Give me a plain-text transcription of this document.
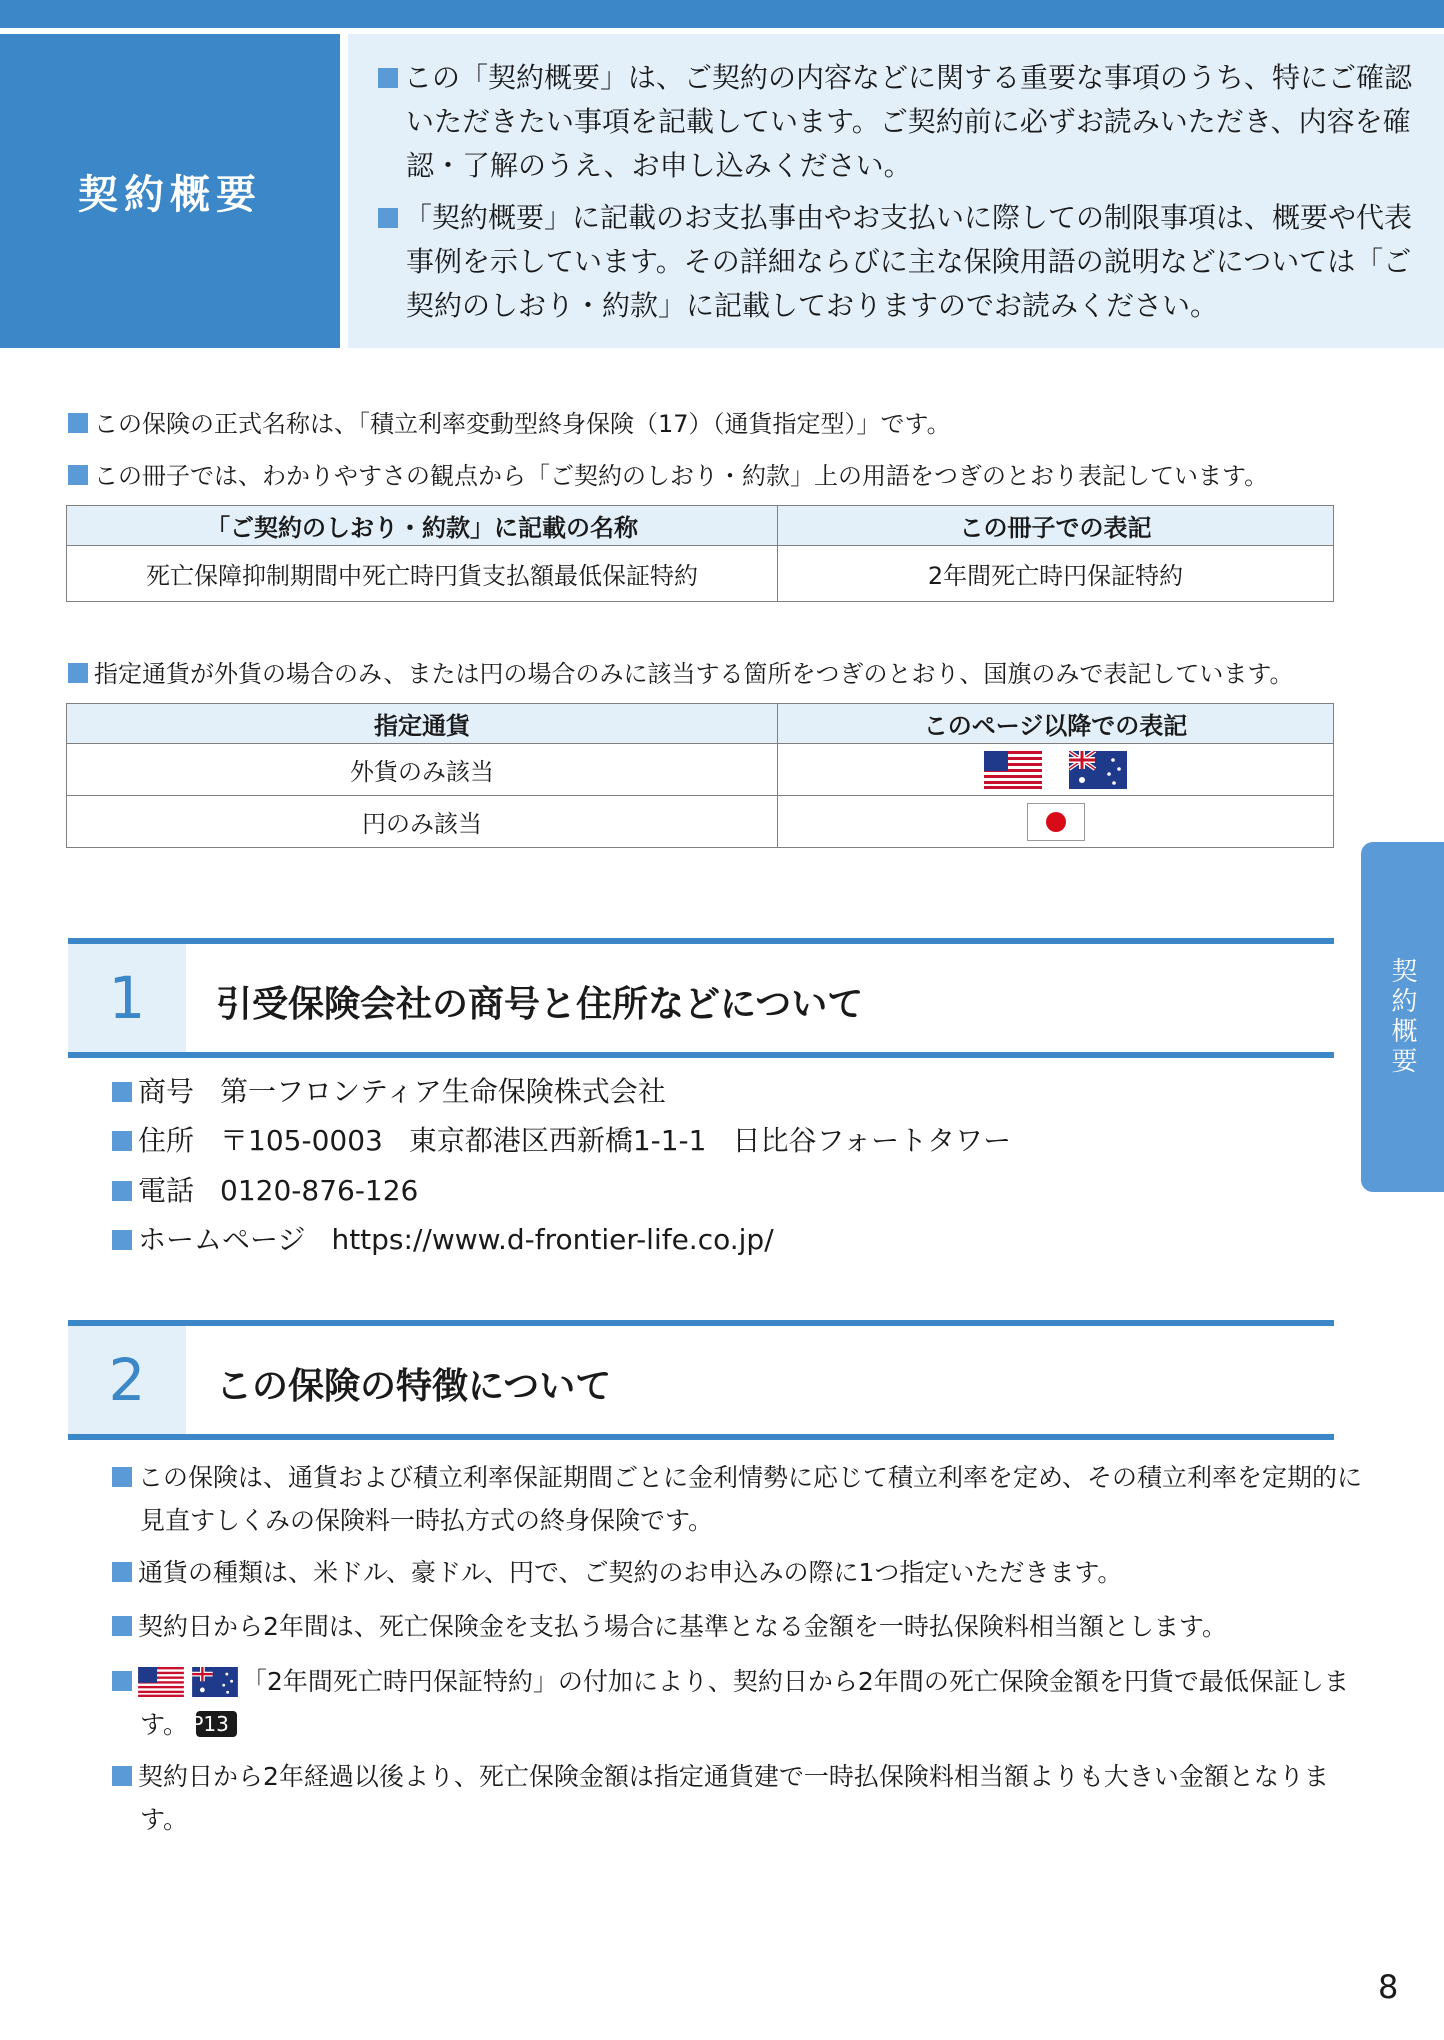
契約概要

この「契約概要」は、ご契約の内容などに関する重要な事項のうち、特にご確認いただきたい事項を記載しています。ご契約前に必ずお読みいただき、内容を確認・了解のうえ、お申し込みください。

「契約概要」に記載のお支払事由やお支払いに際しての制限事項は、概要や代表事例を示しています。その詳細ならびに主な保険用語の説明などについては「ご契約のしおり・約款」に記載しておりますのでお読みください。

この保険の正式名称は、「積立利率変動型終身保険（17）（通貨指定型）」です。

この冊子では、わかりやすさの観点から「ご契約のしおり・約款」上の用語をつぎのとおり表記しています。

「ご契約のしおり・約款」に記載の名称	この冊子での表記
死亡保障抑制期間中死亡時円貨支払額最低保証特約	2年間死亡時円保証特約

指定通貨が外貨の場合のみ、または円の場合のみに該当する箇所をつぎのとおり、国旗のみで表記しています。

指定通貨	このページ以降での表記
外貨のみ該当	
円のみ該当	
1	引受保険会社の商号と住所などについて

商号 第一フロンティア生命保険株式会社

住所 〒105-0003 東京都港区西新橋1-1-1 日比谷フォートタワー

電話 0120-876-126

ホームページ https://www.d-frontier-life.co.jp/

2	この保険の特徴について

この保険は、通貨および積立利率保証期間ごとに金利情勢に応じて積立利率を定め、その積立利率を定期的に見直すしくみの保険料一時払方式の終身保険です。

通貨の種類は、米ドル、豪ドル、円で、ご契約のお申込みの際に1つ指定いただきます。

契約日から2年間は、死亡保険金を支払う場合に基準となる金額を一時払保険料相当額とします。

「2年間死亡時円保証特約」の付加により、契約日から2年間の死亡保険金額を円貨で最低保証します。 ▶P13

契約日から2年経過以後より、死亡保険金額は指定通貨建で一時払保険料相当額よりも大きい金額となります。

契約概要
8
